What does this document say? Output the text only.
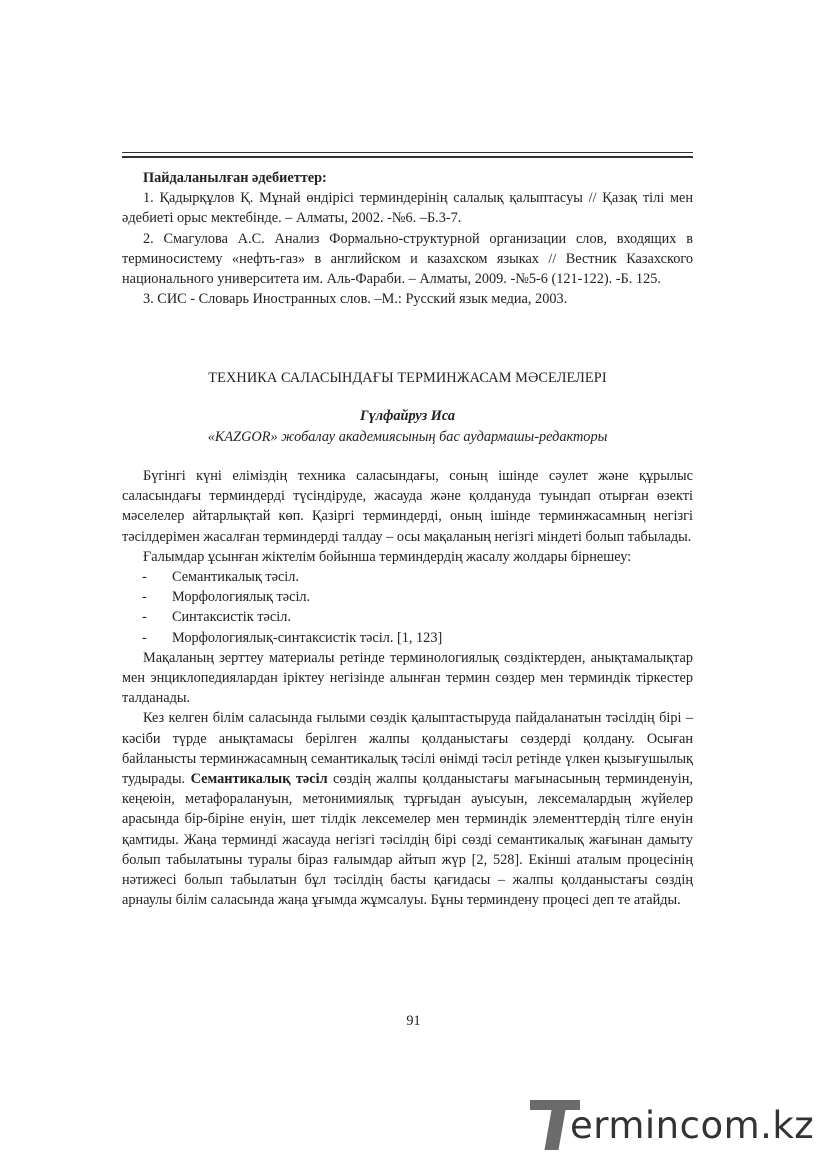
Пайдаланылған әдебиеттер:

1. Қадырқұлов Қ. Мұнай өндірісі терминдерінің салалық қалыптасуы // Қазақ тілі мен әдебиеті орыс мектебінде. – Алматы, 2002. -№6. –Б.3-7.

2. Смагулова А.С. Анализ Формально-структурной организации слов, входящих в терминосистему «нефть-газ» в английском и казахском языках // Вестник Казахского национального университета им. Аль-Фараби. – Алматы, 2009. -№5-6 (121-122). -Б. 125.

3. СИС - Словарь Иностранных слов. –М.: Русский язык медиа, 2003.

ТЕХНИКА САЛАСЫНДАҒЫ ТЕРМИНЖАСАМ МӘСЕЛЕЛЕРІ
Гүлфайруз Иса
«KAZGOR» жобалау академиясының бас аудармашы-редакторы

Бүгінгі күні еліміздің техника саласындағы, соның ішінде сәулет және құрылыс саласындағы терминдерді түсіндіруде, жасауда және қолдануда туындап отырған өзекті мәселелер айтарлықтай көп. Қазіргі терминдерді, оның ішінде терминжасамның негізгі тәсілдерімен жасалған терминдерді талдау – осы мақаланың негізгі міндеті болып табылады.

Ғалымдар ұсынған жіктелім бойынша терминдердің жасалу жолдары бірнешеу:

-	Семантикалық тәсіл.

-	Морфологиялық тәсіл.

-	Синтаксистік тәсіл.

-	Морфологиялық-синтаксистік тәсіл. [1, 123]

Мақаланың зерттеу материалы ретінде терминологиялық сөздіктерден, анықтамалықтар мен энциклопедиялардан іріктеу негізінде алынған термин сөздер мен терминдік тіркестер талданады.

Кез келген білім саласында ғылыми сөздік қалыптастыруда пайдаланатын тәсілдің бірі – кәсіби түрде анықтамасы берілген жалпы қолданыстағы сөздерді қолдану. Осыған байланысты терминжасамның семантикалық тәсілі өнімді тәсіл ретінде үлкен қызығушылық тудырады. Семантикалық тәсіл сөздің жалпы қолданыстағы мағынасының терминденуін, кеңеюін, метафоралануын, метонимиялық тұрғыдан ауысуын, лексемалардың жүйелер арасында бір-біріне енуін, шет тілдік лексемелер мен терминдік элементтердің тілге енуін қамтиды. Жаңа терминді жасауда негізгі тәсілдің бірі сөзді семантикалық жағынан дамыту болып табылатыны туралы біраз ғалымдар айтып жүр [2, 528]. Екінші аталым процесінің нәтижесі болып табылатын бұл тәсілдің басты қағидасы – жалпы қолданыстағы сөздің арнаулы білім саласында жаңа ұғымда жұмсалуы. Бұны терминдену процесі деп те атайды.

91
ermincom.kz
